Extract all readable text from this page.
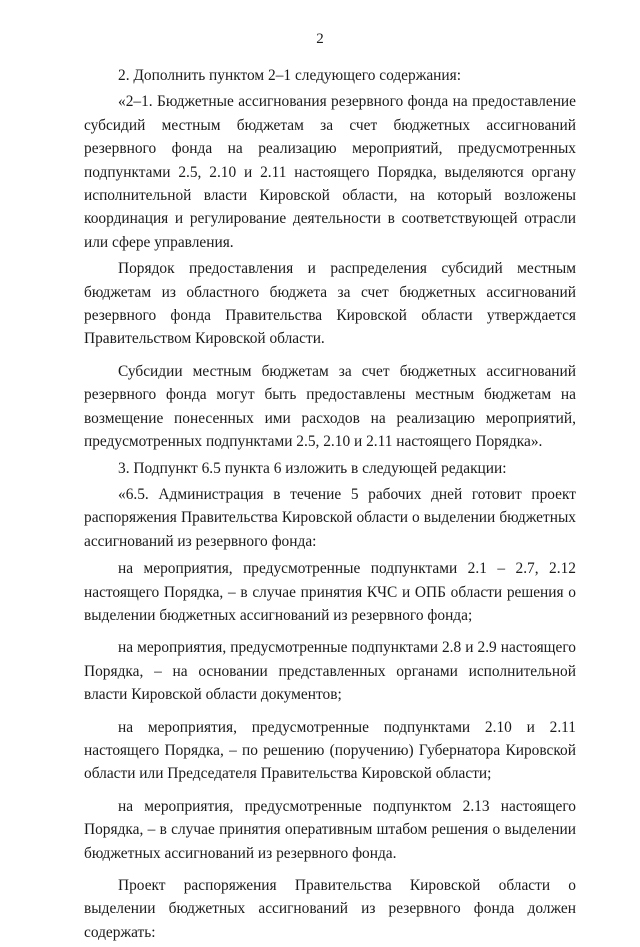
2

2. Дополнить пунктом 2–1 следующего содержания:

«2–1. Бюджетные ассигнования резервного фонда на предоставление субсидий местным бюджетам за счет бюджетных ассигнований резервного фонда на реализацию мероприятий, предусмотренных подпунктами 2.5, 2.10 и 2.11 настоящего Порядка, выделяются органу исполнительной власти Кировской области, на который возложены координация и регулирование деятельности в соответствующей отрасли или сфере управления.

Порядок предоставления и распределения субсидий местным бюджетам из областного бюджета за счет бюджетных ассигнований резервного фонда Правительства Кировской области утверждается Правительством Кировской области.

Субсидии местным бюджетам за счет бюджетных ассигнований резервного фонда могут быть предоставлены местным бюджетам на возмещение понесенных ими расходов на реализацию мероприятий, предусмотренных подпунктами 2.5, 2.10 и 2.11 настоящего Порядка».

3. Подпункт 6.5 пункта 6 изложить в следующей редакции:

«6.5. Администрация в течение 5 рабочих дней готовит проект распоряжения Правительства Кировской области о выделении бюджетных ассигнований из резервного фонда:

на мероприятия, предусмотренные подпунктами 2.1 – 2.7, 2.12 настоящего Порядка, – в случае принятия КЧС и ОПБ области решения о выделении бюджетных ассигнований из резервного фонда;

на мероприятия, предусмотренные подпунктами 2.8 и 2.9 настоящего Порядка, – на основании представленных органами исполнительной власти Кировской области документов;

на мероприятия, предусмотренные подпунктами 2.10 и 2.11 настоящего Порядка, – по решению (поручению) Губернатора Кировской области или Председателя Правительства Кировской области;

на мероприятия, предусмотренные подпунктом 2.13 настоящего Порядка, – в случае принятия оперативным штабом решения о выделении бюджетных ассигнований из резервного фонда.

Проект распоряжения Правительства Кировской области о выделении бюджетных ассигнований из резервного фонда должен содержать:
